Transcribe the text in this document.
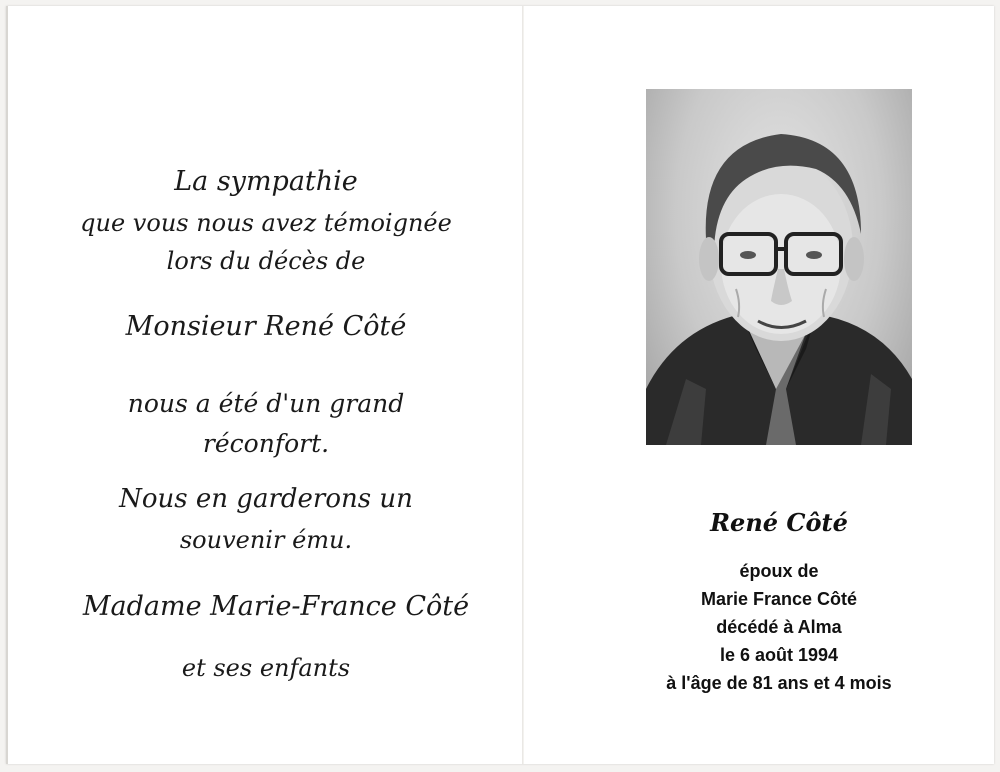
La sympathie
que vous nous avez témoignée
lors du décès de
Monsieur René Côté
nous a été d'un grand
réconfort.
Nous en garderons un
souvenir ému.
Madame Marie-France Côté
et ses enfants
René Côté
époux de
Marie France Côté
décédé à Alma
le 6 août 1994
à l'âge de 81 ans et 4 mois
